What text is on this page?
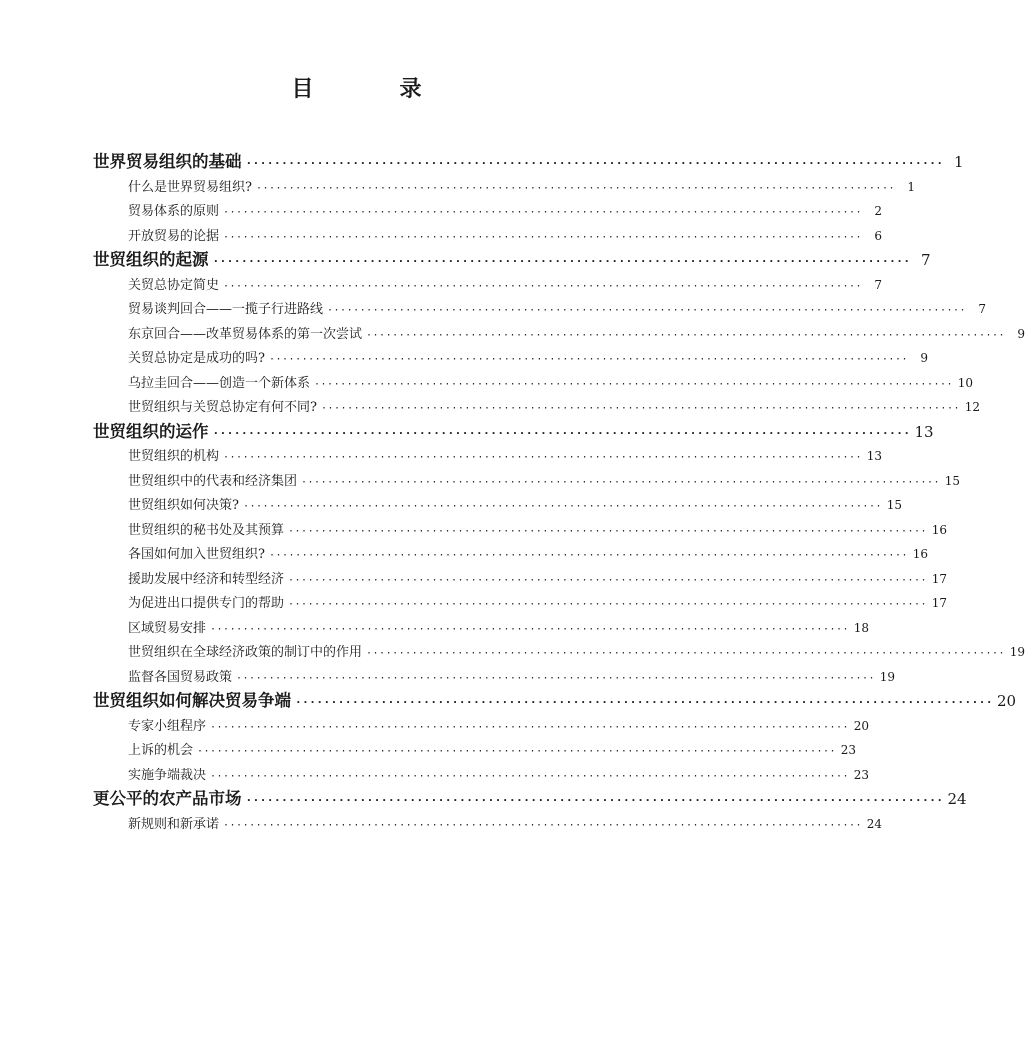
目　录
世界贸易组织的基础 ·································································································· 1
什么是世界贸易组织? ··································································································	1
贸易体系的原则 ··································································································	2
开放贸易的论据 ··································································································	6
世贸组织的起源 ·································································································· 7
关贸总协定简史 ··································································································	7
贸易谈判回合——一揽子行进路线 ··································································································	7
东京回合——改革贸易体系的第一次尝试 ··································································································	9
关贸总协定是成功的吗? ··································································································	9
乌拉圭回合——创造一个新体系 ·································································································· 10
世贸组织与关贸总协定有何不同? ·································································································· 12
世贸组织的运作 ·································································································· 13
世贸组织的机构 ·································································································· 13
世贸组织中的代表和经济集团 ·································································································· 15
世贸组织如何决策? ·································································································· 15
世贸组织的秘书处及其预算 ·································································································· 16
各国如何加入世贸组织? ·································································································· 16
援助发展中经济和转型经济 ·································································································· 17
为促进出口提供专门的帮助 ·································································································· 17
区域贸易安排 ·································································································· 18
世贸组织在全球经济政策的制订中的作用 ·································································································· 19
监督各国贸易政策 ·································································································· 19
世贸组织如何解决贸易争端 ·································································································· 20
专家小组程序 ·································································································· 20
上诉的机会 ·································································································· 23
实施争端裁决 ·································································································· 23
更公平的农产品市场 ·································································································· 24
新规则和新承诺 ·································································································· 24
